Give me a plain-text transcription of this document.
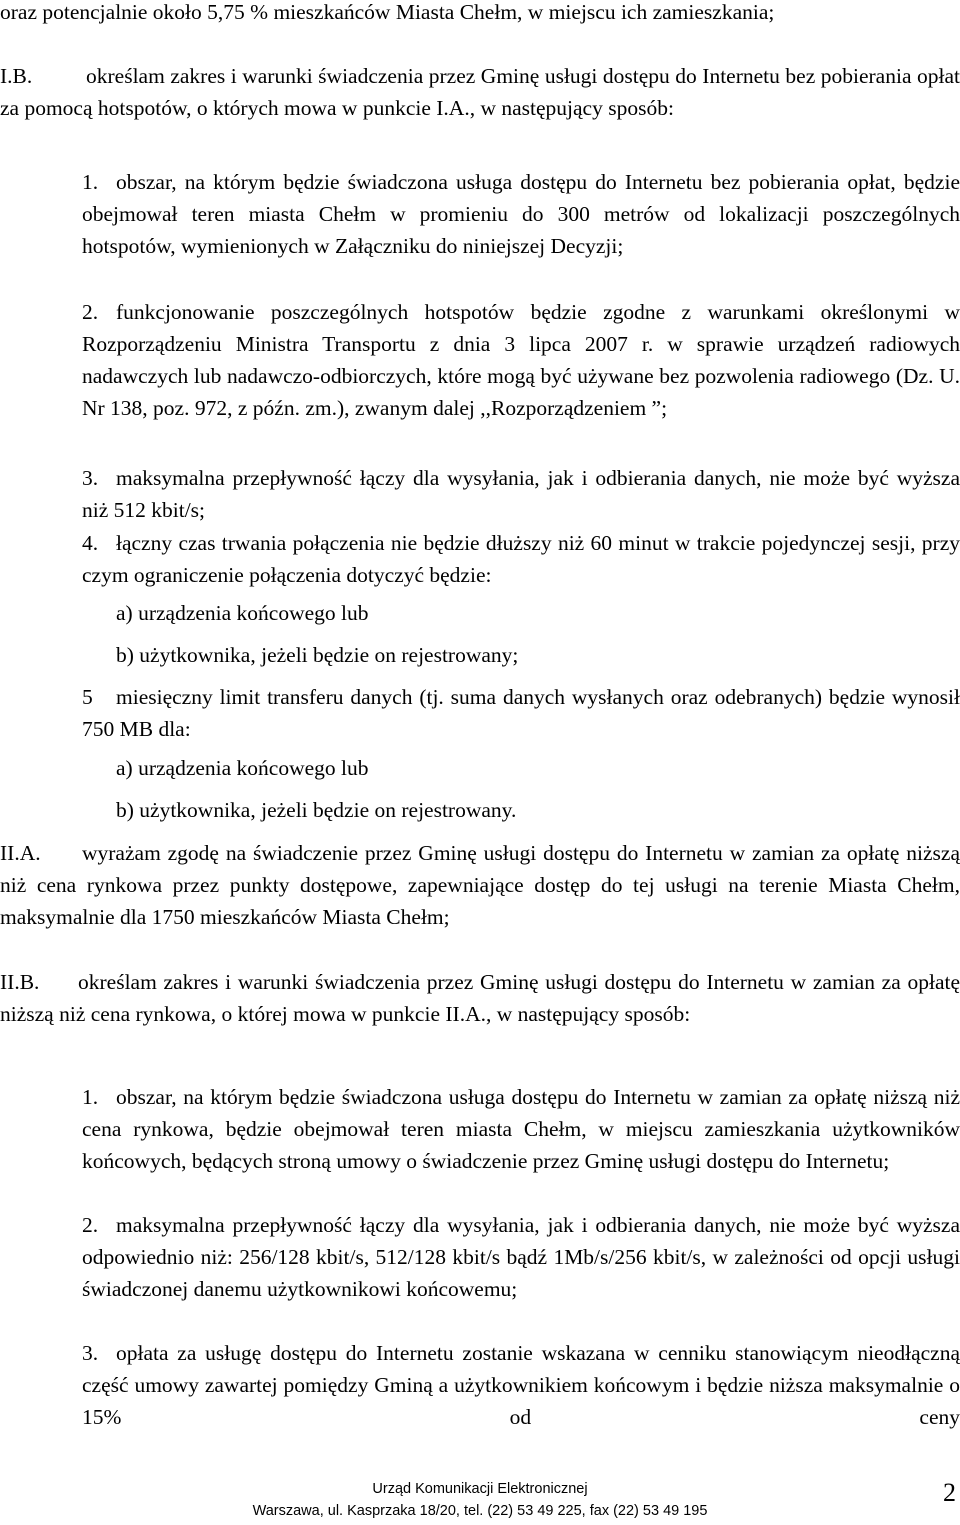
oraz potencjalnie około 5,75 % mieszkańców Miasta Chełm, w miejscu ich zamieszkania;

I.B.	określam zakres i warunki świadczenia przez Gminę usługi dostępu do Internetu bez pobierania opłat za pomocą hotspotów, o których mowa w punkcie I.A., w następujący sposób:

1. obszar, na którym będzie świadczona usługa dostępu do Internetu bez pobierania opłat, będzie obejmował teren miasta Chełm w promieniu do 300 metrów od lokalizacji poszczególnych hotspotów, wymienionych w Załączniku do niniejszej Decyzji;

2. funkcjonowanie poszczególnych hotspotów będzie zgodne z warunkami określonymi w Rozporządzeniu Ministra Transportu z dnia 3 lipca 2007 r. w sprawie urządzeń radiowych nadawczych lub nadawczo-odbiorczych, które mogą być używane bez pozwolenia radiowego (Dz. U. Nr 138, poz. 972, z późn. zm.), zwanym dalej ,,Rozporządzeniem ”;

3. maksymalna przepływność łączy dla wysyłania, jak i odbierania danych, nie może być wyższa niż 512 kbit/s;

4. łączny czas trwania połączenia nie będzie dłuższy niż 60 minut w trakcie pojedynczej sesji, przy czym ograniczenie połączenia dotyczyć będzie:

a) urządzenia końcowego lub

b) użytkownika, jeżeli będzie on rejestrowany;

5	miesięczny limit transferu danych (tj. suma danych wysłanych oraz odebranych) będzie wynosił 750 MB dla:

a) urządzenia końcowego lub

b) użytkownika, jeżeli będzie on rejestrowany.

II.A.	wyrażam zgodę na świadczenie przez Gminę usługi dostępu do Internetu w zamian za opłatę niższą niż cena rynkowa przez punkty dostępowe, zapewniające dostęp do tej usługi na terenie Miasta Chełm, maksymalnie dla 1750 mieszkańców Miasta Chełm;

II.B.	określam zakres i warunki świadczenia przez Gminę usługi dostępu do Internetu w zamian za opłatę niższą niż cena rynkowa, o której mowa w punkcie II.A., w następujący sposób:

1. obszar, na którym będzie świadczona usługa dostępu do Internetu w zamian za opłatę niższą niż cena rynkowa, będzie obejmował teren miasta Chełm, w miejscu zamieszkania użytkowników końcowych, będących stroną umowy o świadczenie przez Gminę usługi dostępu do Internetu;

2. maksymalna przepływność łączy dla wysyłania, jak i odbierania danych, nie może być wyższa odpowiednio niż: 256/128 kbit/s, 512/128 kbit/s bądź 1Mb/s/256 kbit/s, w zależności od opcji usługi świadczonej danemu użytkownikowi końcowemu;

3. opłata za usługę dostępu do Internetu zostanie wskazana w cenniku stanowiącym nieodłączną część umowy zawartej pomiędzy Gminą a użytkownikiem końcowym i będzie niższa maksymalnie o 15% od ceny

Urząd Komunikacji Elektronicznej
Warszawa, ul. Kasprzaka 18/20, tel. (22) 53 49 225, fax (22) 53 49 195
2
